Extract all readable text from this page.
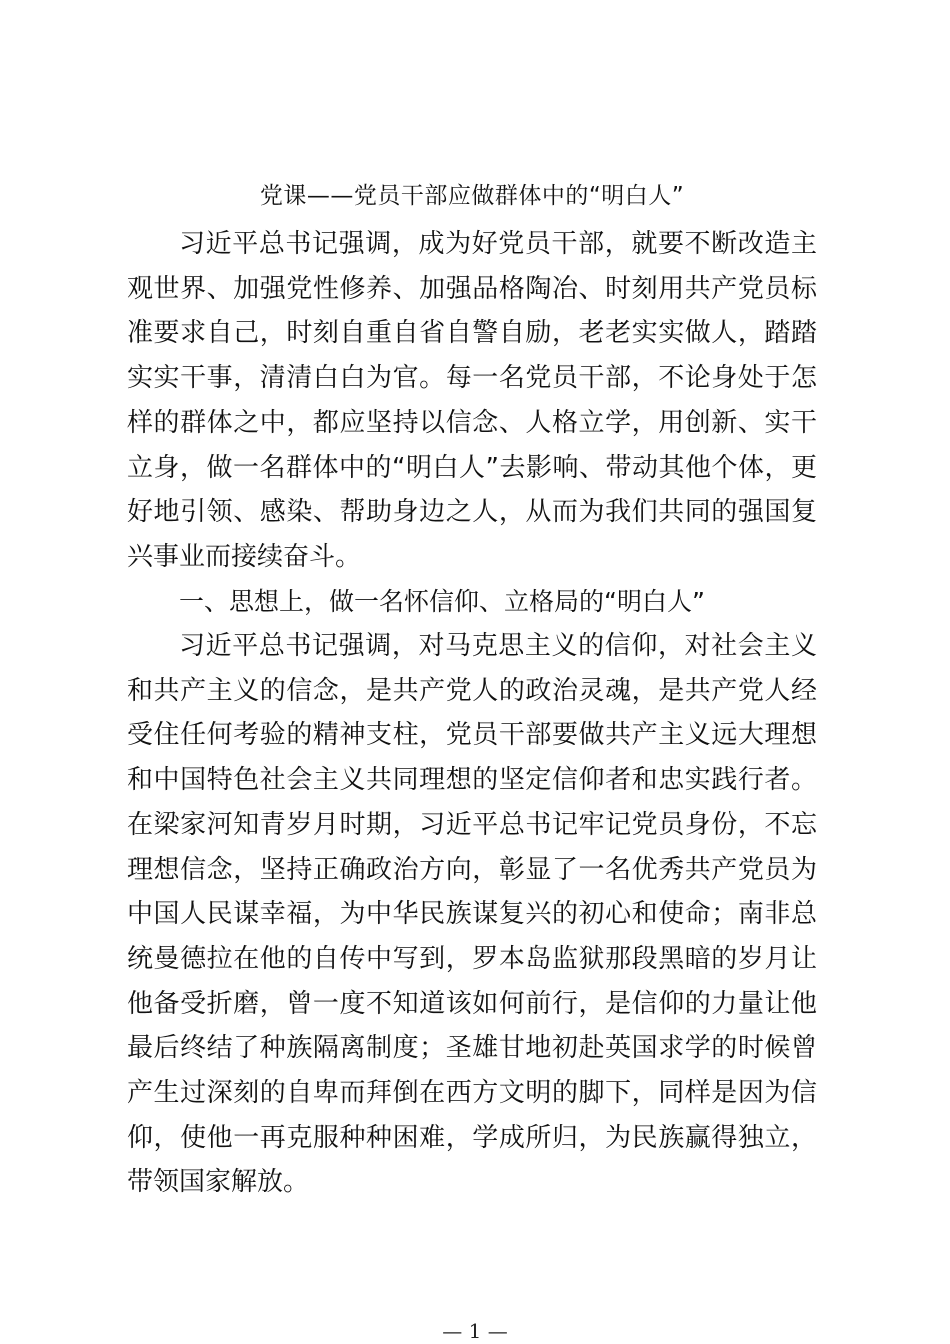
党课——党员干部应做群体中的“明白人”

习近平总书记强调，成为好党员干部，就要不断改造主观世界、加强党性修养、加强品格陶冶、时刻用共产党员标准要求自己，时刻自重自省自警自励，老老实实做人，踏踏实实干事，清清白白为官。每一名党员干部，不论身处于怎样的群体之中，都应坚持以信念、人格立学，用创新、实干立身，做一名群体中的“明白人”去影响、带动其他个体，更好地引领、感染、帮助身边之人，从而为我们共同的强国复兴事业而接续奋斗。

一、思想上，做一名怀信仰、立格局的“明白人”

习近平总书记强调，对马克思主义的信仰，对社会主义和共产主义的信念，是共产党人的政治灵魂，是共产党人经受住任何考验的精神支柱，党员干部要做共产主义远大理想和中国特色社会主义共同理想的坚定信仰者和忠实践行者。在梁家河知青岁月时期，习近平总书记牢记党员身份，不忘理想信念，坚持正确政治方向，彰显了一名优秀共产党员为中国人民谋幸福，为中华民族谋复兴的初心和使命；南非总统曼德拉在他的自传中写到，罗本岛监狱那段黑暗的岁月让他备受折磨，曾一度不知道该如何前行，是信仰的力量让他最后终结了种族隔离制度；圣雄甘地初赴英国求学的时候曾产生过深刻的自卑而拜倒在西方文明的脚下，同样是因为信仰，使他一再克服种种困难，学成所归，为民族赢得独立，带领国家解放。

— 1 —
